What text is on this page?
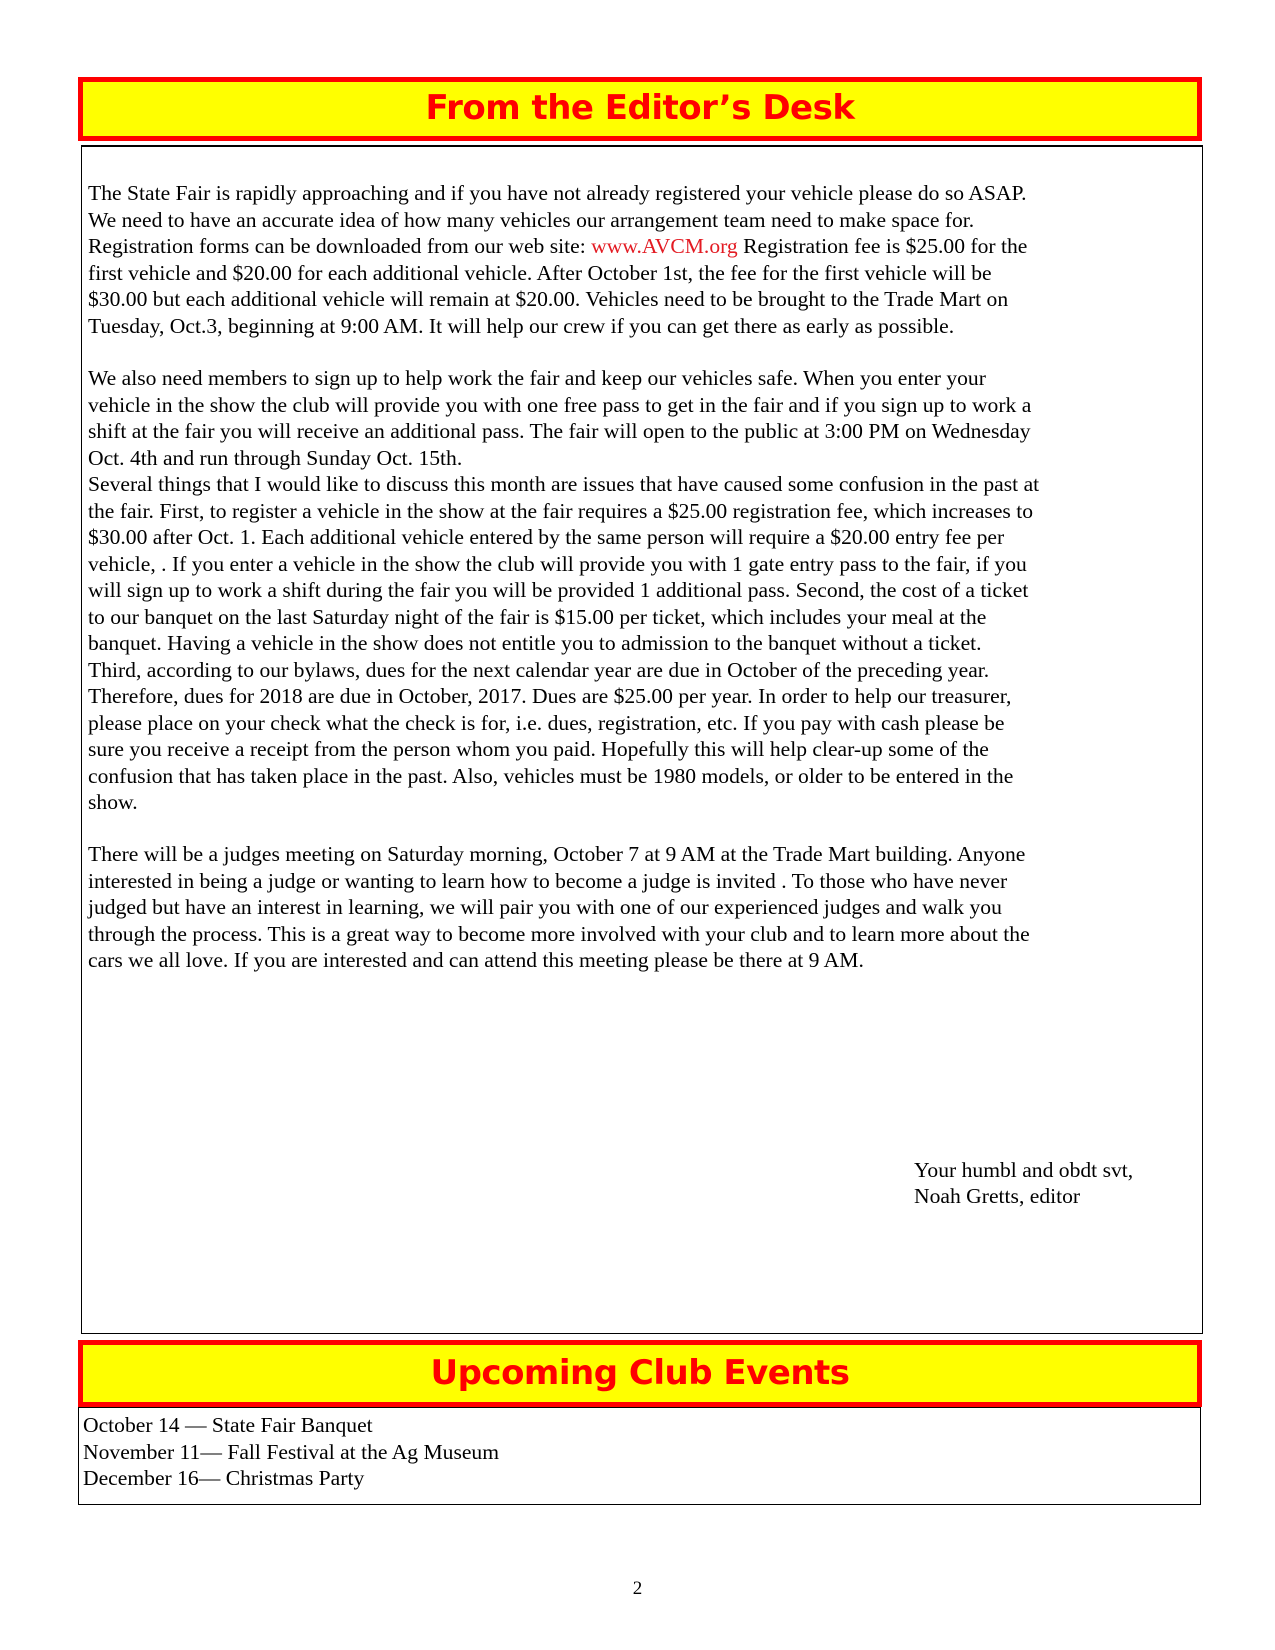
From the Editor’s Desk

The State Fair is rapidly approaching and if you have not already registered your vehicle please do so ASAP.
We need to have an accurate idea of how many vehicles our arrangement team need to make space for.
Registration forms can be downloaded from our web site: www.AVCM.org Registration fee is $25.00 for the
first vehicle and $20.00 for each additional vehicle. After October 1st, the fee for the first vehicle will be
$30.00 but each additional vehicle will remain at $20.00. Vehicles need to be brought to the Trade Mart on
Tuesday, Oct.3, beginning at 9:00 AM. It will help our crew if you can get there as early as possible.

We also need members to sign up to help work the fair and keep our vehicles safe. When you enter your
vehicle in the show the club will provide you with one free pass to get in the fair and if you sign up to work a
shift at the fair you will receive an additional pass. The fair will open to the public at 3:00 PM on Wednesday
Oct. 4th and run through Sunday Oct. 15th.

Several things that I would like to discuss this month are issues that have caused some confusion in the past at
the fair. First, to register a vehicle in the show at the fair requires a $25.00 registration fee, which increases to
$30.00 after Oct. 1. Each additional vehicle entered by the same person will require a $20.00 entry fee per
vehicle, . If you enter a vehicle in the show the club will provide you with 1 gate entry pass to the fair, if you
will sign up to work a shift during the fair you will be provided 1 additional pass. Second, the cost of a ticket
to our banquet on the last Saturday night of the fair is $15.00 per ticket, which includes your meal at the
banquet. Having a vehicle in the show does not entitle you to admission to the banquet without a ticket.
Third, according to our bylaws, dues for the next calendar year are due in October of the preceding year.
Therefore, dues for 2018 are due in October, 2017. Dues are $25.00 per year. In order to help our treasurer,
please place on your check what the check is for, i.e. dues, registration, etc. If you pay with cash please be
sure you receive a receipt from the person whom you paid. Hopefully this will help clear-up some of the
confusion that has taken place in the past. Also, vehicles must be 1980 models, or older to be entered in the
show.

There will be a judges meeting on Saturday morning, October 7 at 9 AM at the Trade Mart building. Anyone
interested in being a judge or wanting to learn how to become a judge is invited . To those who have never
judged but have an interest in learning, we will pair you with one of our experienced judges and walk you
through the process. This is a great way to become more involved with your club and to learn more about the
cars we all love. If you are interested and can attend this meeting please be there at 9 AM.

Your humbl and obdt svt,
Noah Gretts, editor
Upcoming Club Events
October 14 — State Fair Banquet
November 11— Fall Festival at the Ag Museum
December 16— Christmas Party
2
